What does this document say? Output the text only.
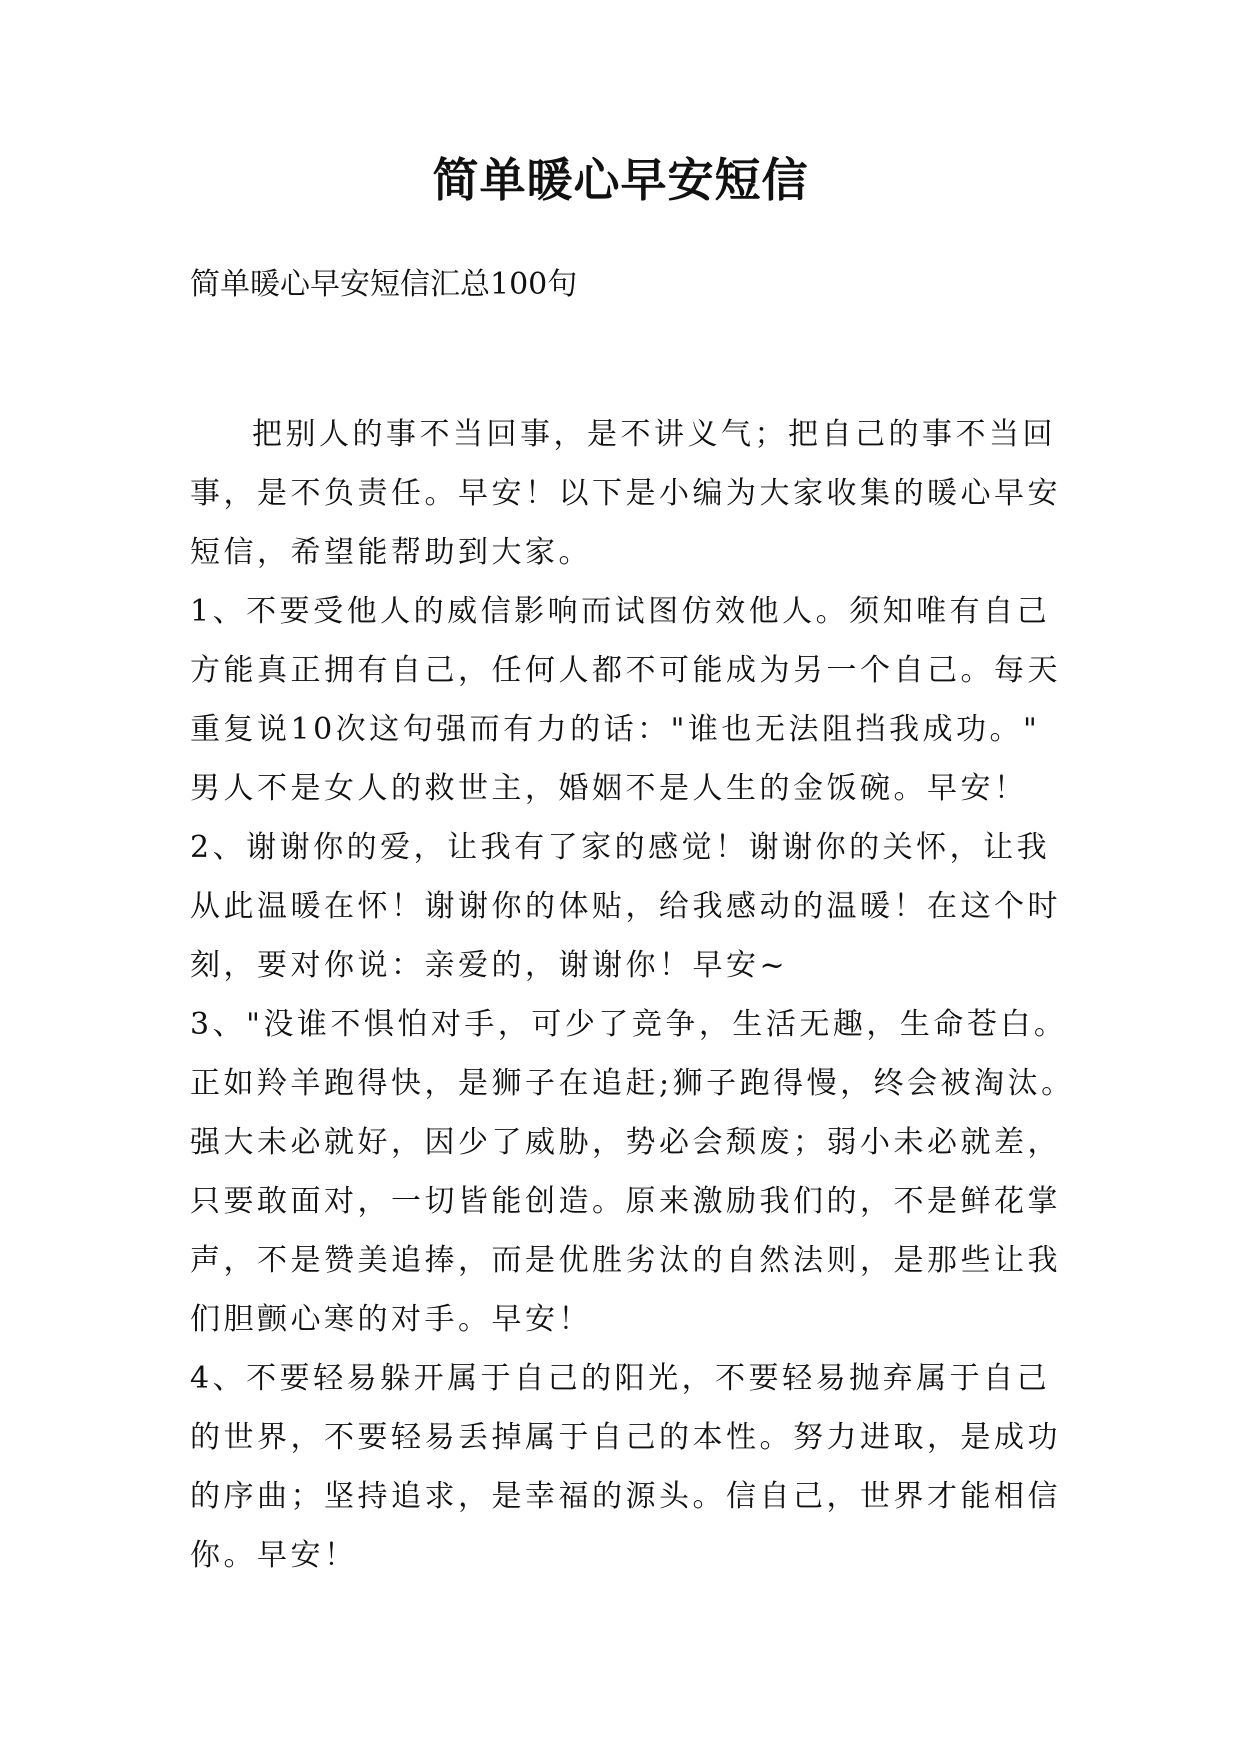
简单暖心早安短信

简单暖心早安短信汇总100句

把别人的事不当回事，是不讲义气；把自己的事不当回
事，是不负责任。早安！以下是小编为大家收集的暖心早安
短信，希望能帮助到大家。
1、不要受他人的威信影响而试图仿效他人。须知唯有自己
方能真正拥有自己，任何人都不可能成为另一个自己。每天
重复说10次这句强而有力的话："谁也无法阻挡我成功。"
男人不是女人的救世主，婚姻不是人生的金饭碗。早安！
2、谢谢你的爱，让我有了家的感觉！谢谢你的关怀，让我
从此温暖在怀！谢谢你的体贴，给我感动的温暖！在这个时
刻，要对你说：亲爱的，谢谢你！早安~
3、"没谁不惧怕对手，可少了竞争，生活无趣，生命苍白。
正如羚羊跑得快，是狮子在追赶;狮子跑得慢，终会被淘汰。
强大未必就好，因少了威胁，势必会颓废；弱小未必就差，
只要敢面对，一切皆能创造。原来激励我们的，不是鲜花掌
声，不是赞美追捧，而是优胜劣汰的自然法则，是那些让我
们胆颤心寒的对手。早安！
4、不要轻易躲开属于自己的阳光，不要轻易抛弃属于自己
的世界，不要轻易丢掉属于自己的本性。努力进取，是成功
的序曲；坚持追求，是幸福的源头。信自己，世界才能相信
你。早安！
